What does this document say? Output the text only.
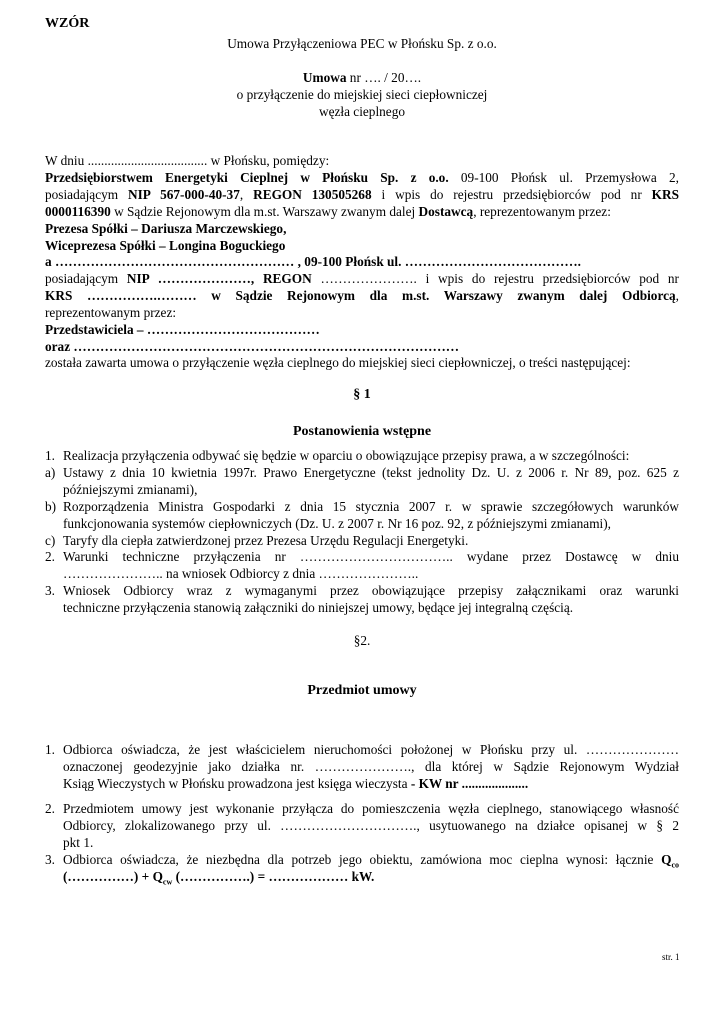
WZÓR
Umowa Przyłączeniowa PEC w Płońsku Sp. z o.o.
Umowa nr …. / 20….
o przyłączenie do miejskiej sieci ciepłowniczej
węzła cieplnego
W dniu .................................... w Płońsku, pomiędzy:
Przedsiębiorstwem Energetyki Cieplnej w Płońsku Sp. z o.o. 09-100 Płońsk ul. Przemysłowa 2,
posiadającym NIP 567-000-40-37, REGON 130505268 i wpis do rejestru przedsiębiorców pod nr KRS
0000116390 w Sądzie Rejonowym dla m.st. Warszawy zwanym dalej Dostawcą, reprezentowanym przez:
Prezesa Spółki – Dariusza Marczewskiego,
Wiceprezesa Spółki – Longina Boguckiego
a ……………………………………………… , 09-100 Płońsk ul. ………………………………….
posiadającym NIP …………………, REGON …………………. i wpis do rejestru przedsiębiorców pod nr
KRS …………….……… w Sądzie Rejonowym dla m.st. Warszawy zwanym dalej Odbiorcą,
reprezentowanym przez:
Przedstawiciela – …………………………………
oraz ……………………………………………………………………………
została zawarta umowa o przyłączenie węzła cieplnego do miejskiej sieci ciepłowniczej, o treści następującej:
§ 1
Postanowienia wstępne
1. Realizacja przyłączenia odbywać się będzie w oparciu o obowiązujące przepisy prawa, a w szczególności:
a) Ustawy z dnia 10 kwietnia 1997r. Prawo Energetyczne (tekst jednolity Dz. U. z 2006 r. Nr 89, poz. 625 z
późniejszymi zmianami),
b) Rozporządzenia Ministra Gospodarki z dnia 15 stycznia 2007 r. w sprawie szczegółowych warunków
funkcjonowania systemów ciepłowniczych (Dz. U. z 2007 r. Nr 16 poz. 92, z późniejszymi zmianami),
c) Taryfy dla ciepła zatwierdzonej przez Prezesa Urzędu Regulacji Energetyki.
2. Warunki techniczne przyłączenia nr …………………………….. wydane przez Dostawcę w dniu
………………….. na wniosek Odbiorcy z dnia …………………..
3. Wniosek Odbiorcy wraz z wymaganymi przez obowiązujące przepisy załącznikami oraz warunki
techniczne przyłączenia stanowią załączniki do niniejszej umowy, będące jej integralną częścią.
§2.
Przedmiot umowy
1. Odbiorca oświadcza, że jest właścicielem nieruchomości położonej w Płońsku przy ul. …………………
oznaczonej geodezyjnie jako działka nr. …………………., dla której w Sądzie Rejonowym Wydział
Ksiąg Wieczystych w Płońsku prowadzona jest księga wieczysta - KW nr ....................
2. Przedmiotem umowy jest wykonanie przyłącza do pomieszczenia węzła cieplnego, stanowiącego własność
Odbiorcy, zlokalizowanego przy ul. …………………………., usytuowanego na działce opisanej w § 2
pkt 1.
3. Odbiorca oświadcza, że niezbędna dla potrzeb jego obiektu, zamówiona moc cieplna wynosi: łącznie $Q_{co}$
(……………) + $Q_{cw}$ (…………….) = ……………… kW.
str. 1
